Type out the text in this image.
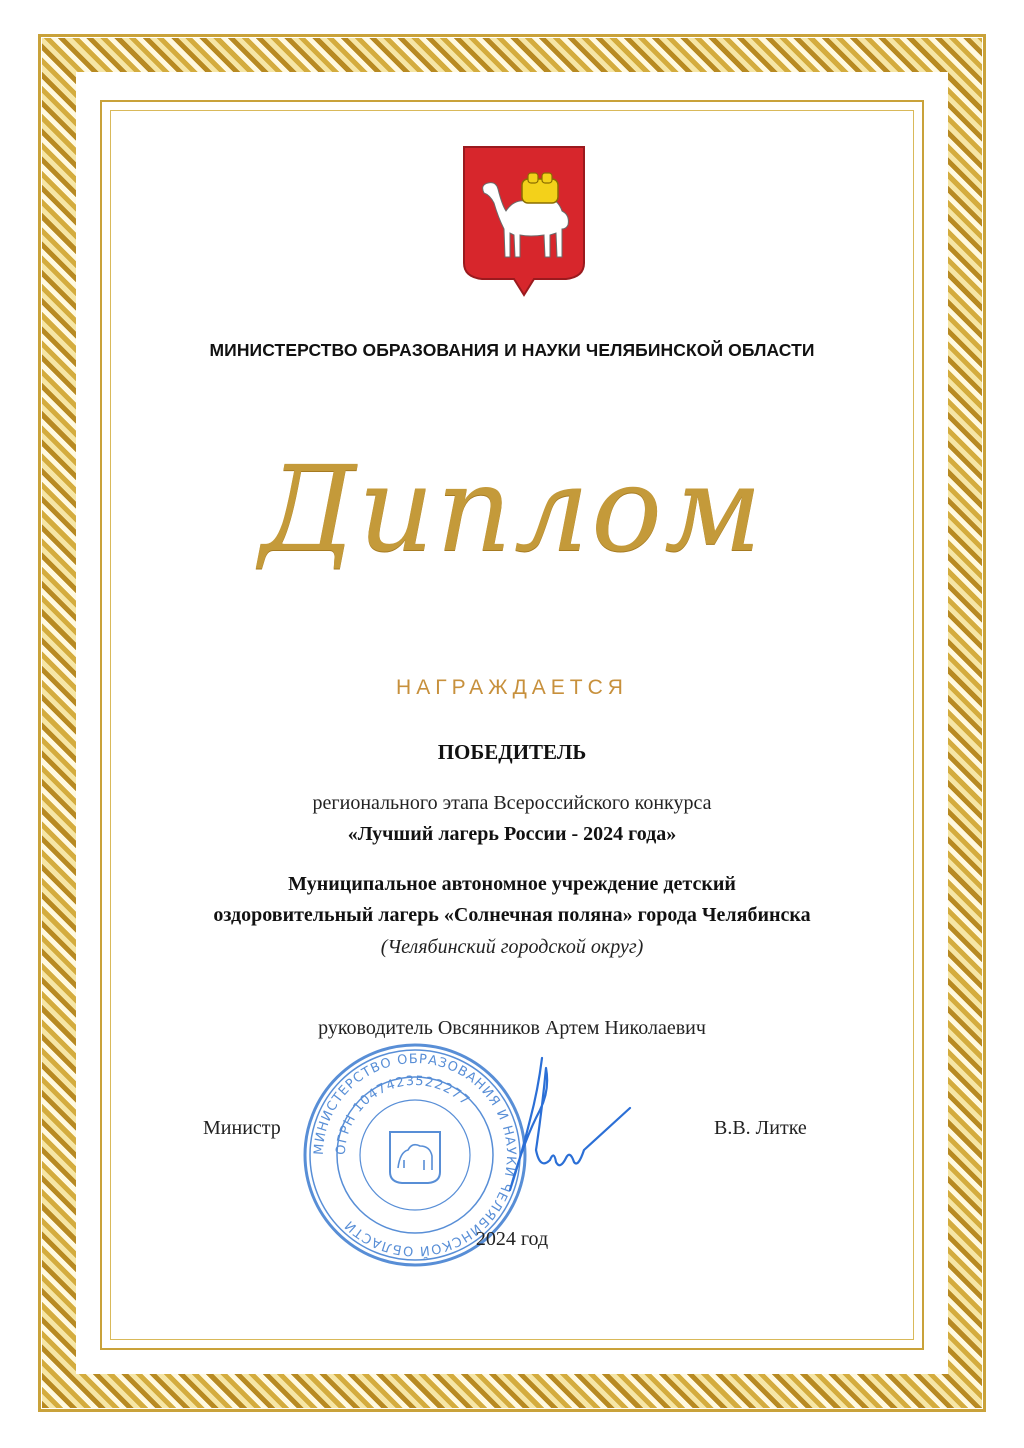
МИНИСТЕРСТВО ОБРАЗОВАНИЯ И НАУКИ ЧЕЛЯБИНСКОЙ ОБЛАСТИ
Диплом
НАГРАЖДАЕТСЯ
ПОБЕДИТЕЛЬ
регионального этапа Всероссийского конкурса
«Лучший лагерь России - 2024 года»
Муниципальное автономное учреждение детский
оздоровительный лагерь «Солнечная поляна» города Челябинска
(Челябинский городской округ)
руководитель Овсянников Артем Николаевич
МИНИСТЕРСТВО ОБРАЗОВАНИЯ И НАУКИ ЧЕЛЯБИНСКОЙ ОБЛАСТИ
ОГРН 1047423522277
Министр	В.В. Литке
2024 год
